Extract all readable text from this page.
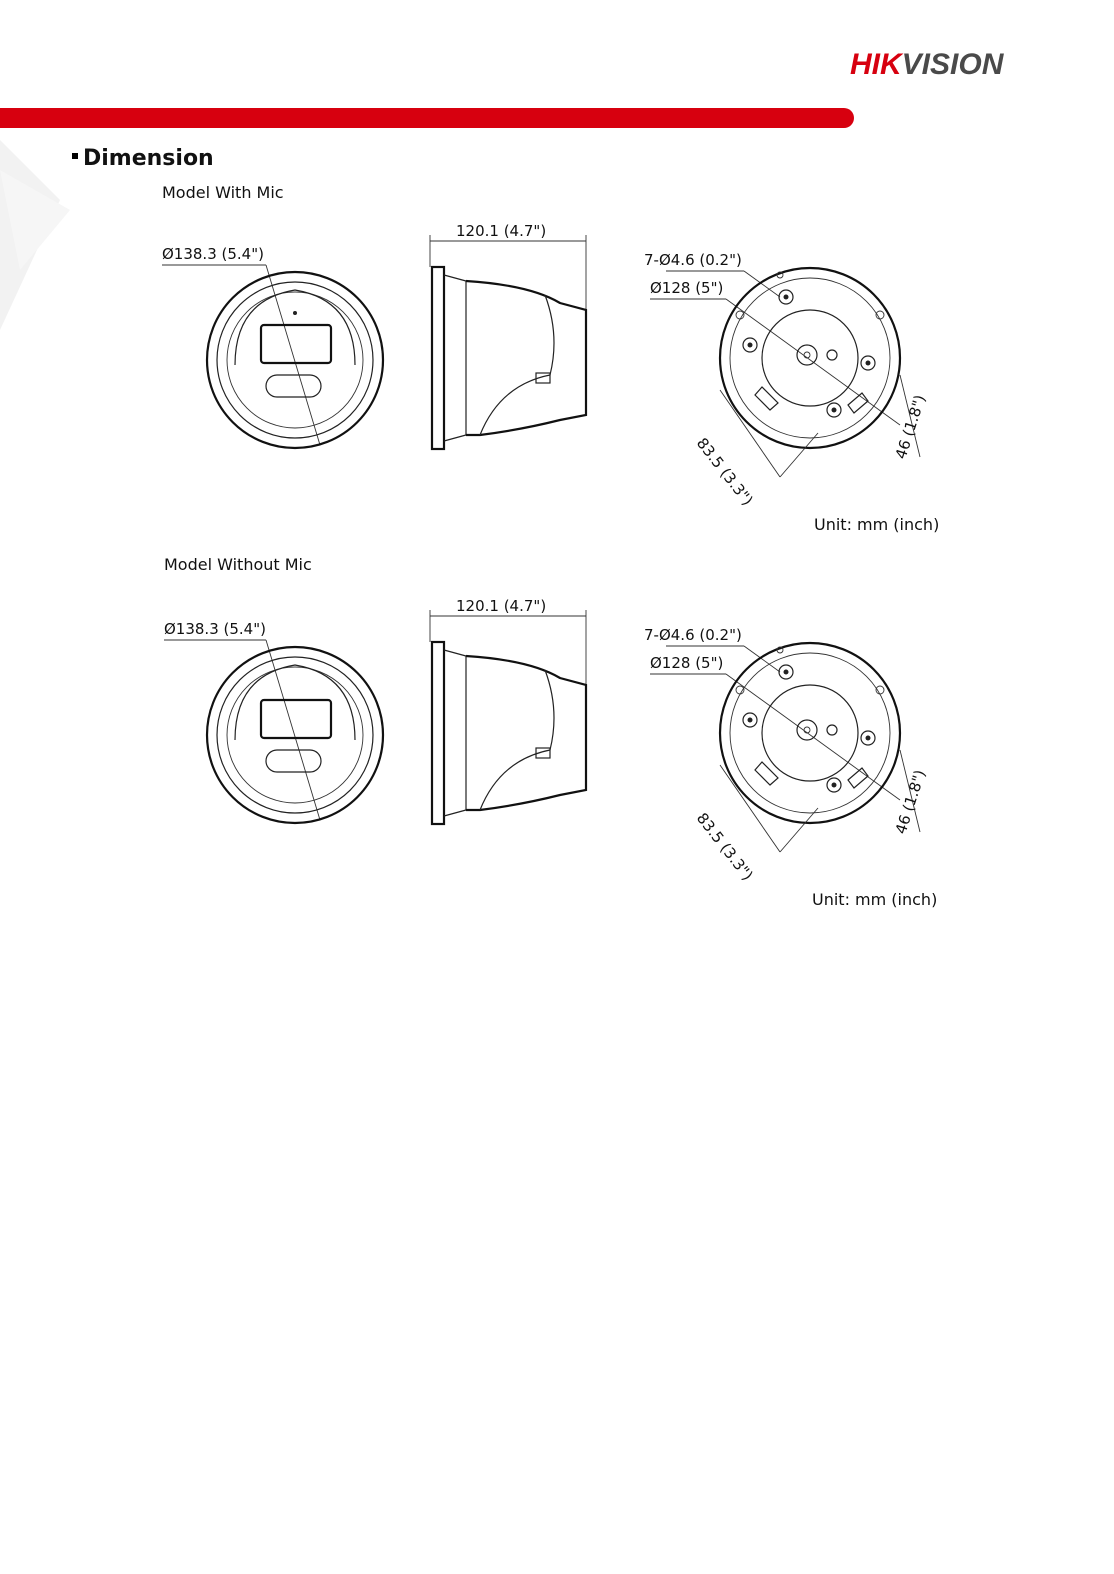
HIKVISION
Dimension
Model With Mic
Ø138.3 (5.4")
120.1 (4.7")
7-Ø4.6 (0.2")
Ø128 (5")
83.5 (3.3")
46 (1.8")
Unit: mm (inch)
Model Without Mic
Ø138.3 (5.4")
120.1 (4.7")
7-Ø4.6 (0.2")
Ø128 (5")
83.5 (3.3")
46 (1.8")
Unit: mm (inch)
